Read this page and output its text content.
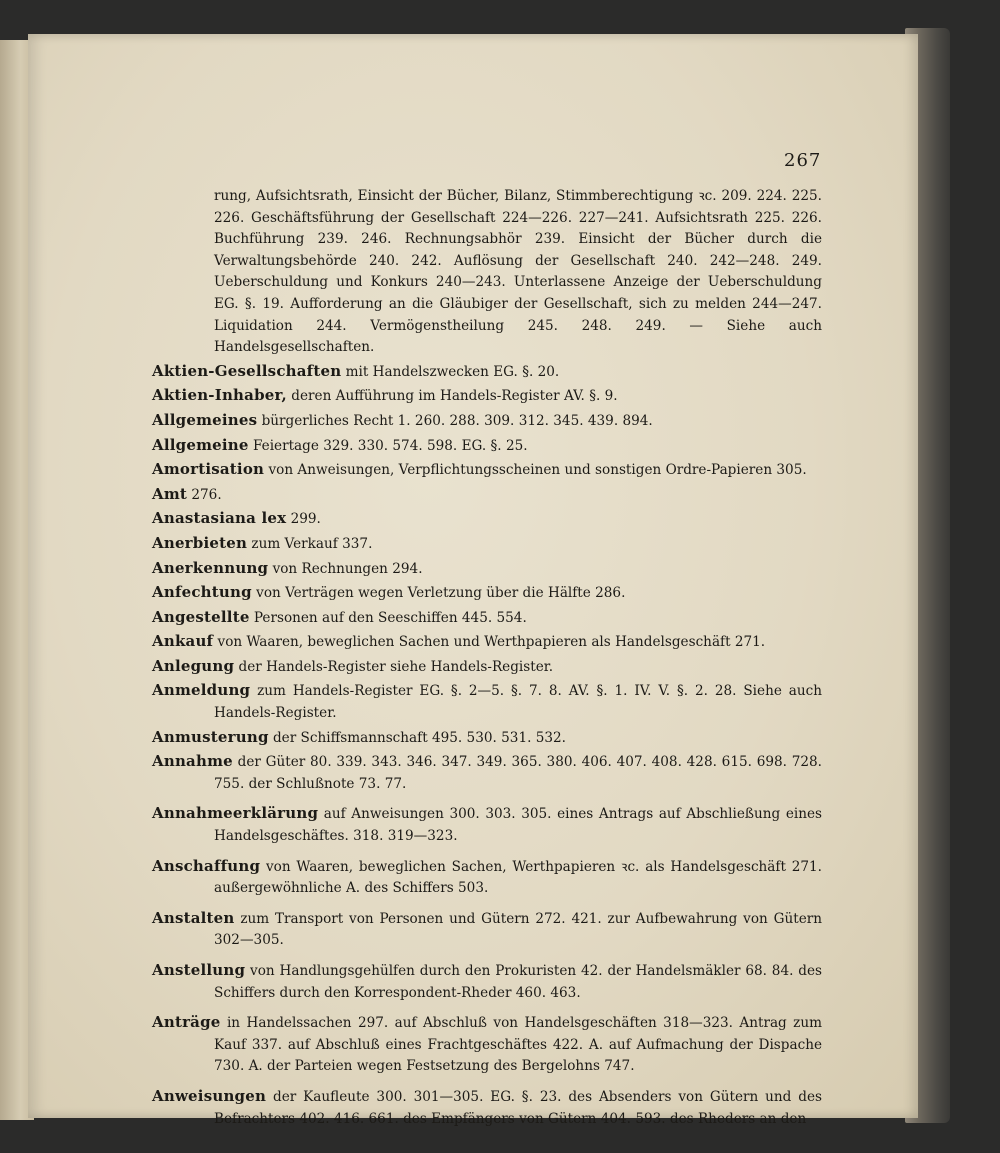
267

rung, Aufsichtsrath, Einsicht der Bücher, Bilanz, Stimmberechtigung ꝛc. 209. 224. 225. 226. Geschäftsführung der Gesellschaft 224—226. 227—241. Aufsichtsrath 225. 226. Buchführung 239. 246. Rechnungsabhör 239. Einsicht der Bücher durch die Verwaltungsbehörde 240. 242. Auflösung der Gesellschaft 240. 242—248. 249. Ueberschuldung und Konkurs 240—243. Unterlassene Anzeige der Ueberschuldung EG. §. 19. Aufforderung an die Gläubiger der Gesellschaft, sich zu melden 244—247. Liquidation 244. Vermögenstheilung 245. 248. 249. — Siehe auch Handelsgesellschaften.

Aktien-Gesellschaften mit Handelszwecken EG. §. 20.

Aktien-Inhaber, deren Aufführung im Handels-Register AV. §. 9.

Allgemeines bürgerliches Recht 1. 260. 288. 309. 312. 345. 439. 894.

Allgemeine Feiertage 329. 330. 574. 598. EG. §. 25.

Amortisation von Anweisungen, Verpflichtungsscheinen und sonstigen Ordre-Papieren 305.

Amt 276.

Anastasiana lex 299.

Anerbieten zum Verkauf 337.

Anerkennung von Rechnungen 294.

Anfechtung von Verträgen wegen Verletzung über die Hälfte 286.

Angestellte Personen auf den Seeschiffen 445. 554.

Ankauf von Waaren, beweglichen Sachen und Werthpapieren als Handelsgeschäft 271.

Anlegung der Handels-Register siehe Handels-Register.

Anmeldung zum Handels-Register EG. §. 2—5. §. 7. 8. AV. §. 1. IV. V. §. 2. 28. Siehe auch Handels-Register.

Anmusterung der Schiffsmannschaft 495. 530. 531. 532.

Annahme der Güter 80. 339. 343. 346. 347. 349. 365. 380. 406. 407. 408. 428. 615. 698. 728. 755. der Schlußnote 73. 77.

Annahmeerklärung auf Anweisungen 300. 303. 305. eines Antrags auf Abschließung eines Handelsgeschäftes. 318. 319—323.

Anschaffung von Waaren, beweglichen Sachen, Werthpapieren ꝛc. als Handelsgeschäft 271. außergewöhnliche A. des Schiffers 503.

Anstalten zum Transport von Personen und Gütern 272. 421. zur Aufbewahrung von Gütern 302—305.

Anstellung von Handlungsgehülfen durch den Prokuristen 42. der Handelsmäkler 68. 84. des Schiffers durch den Korrespondent-Rheder 460. 463.

Anträge in Handelssachen 297. auf Abschluß von Handelsgeschäften 318—323. Antrag zum Kauf 337. auf Abschluß eines Frachtgeschäftes 422. A. auf Aufmachung der Dispache 730. A. der Parteien wegen Festsetzung des Bergelohns 747.

Anweisungen der Kaufleute 300. 301—305. EG. §. 23. des Absenders von Gütern und des Befrachters 402. 416. 661. des Empfängers von Gütern 404. 593. des Rheders an den
